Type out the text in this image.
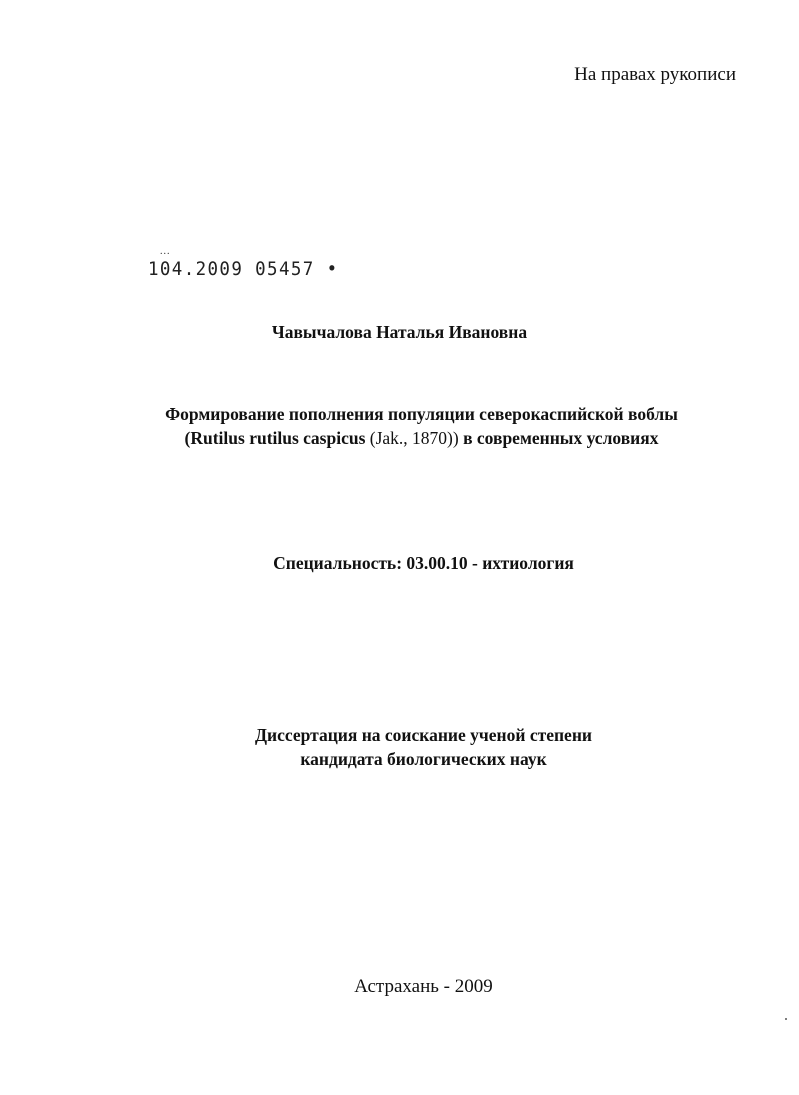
На правах рукописи
...
104.2009 05457 •
Чавычалова Наталья Ивановна
Формирование пополнения популяции северокаспийской воблы
(Rutilus rutilus caspicus (Jak., 1870)) в современных условиях
Специальность: 03.00.10 - ихтиология
Диссертация на соискание ученой степени
кандидата биологических наук
Астрахань - 2009
